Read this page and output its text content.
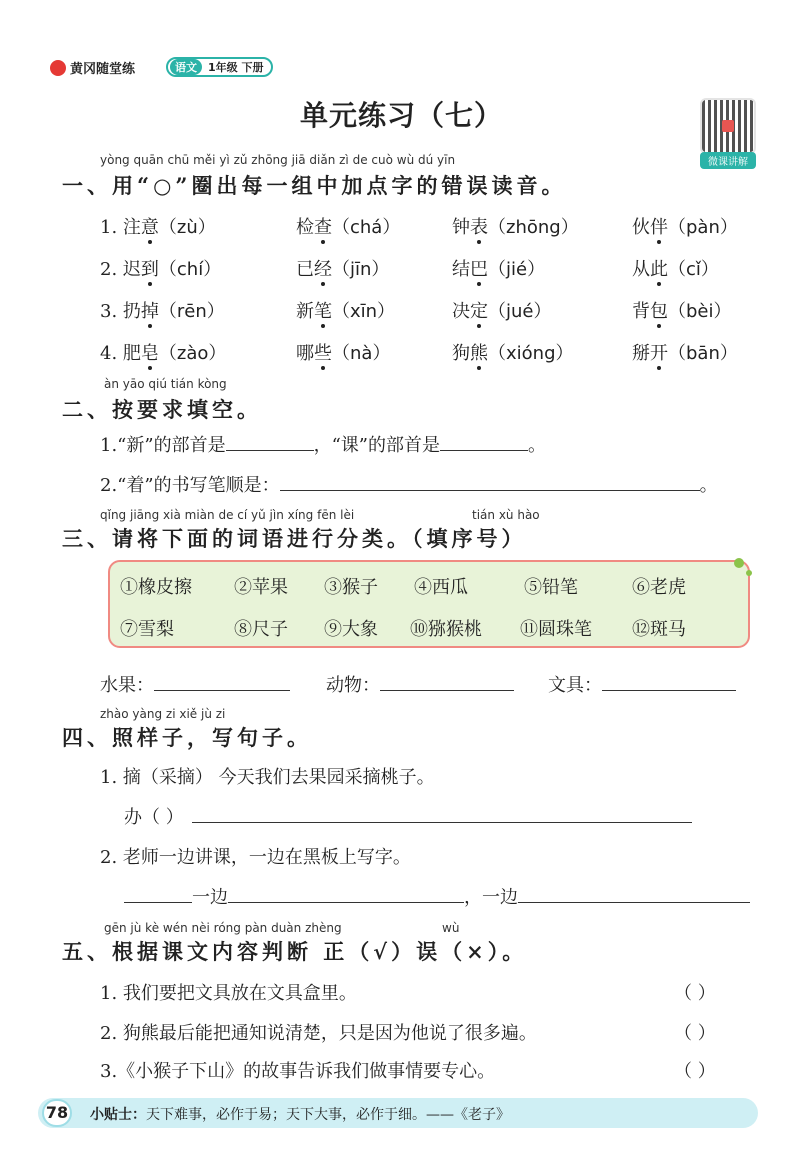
黄冈随堂练	语文	1年级 下册
单元练习（七）
微课讲解
yòng quān chū měi yì zǔ zhōng jiā diǎn zì de cuò wù dú yīn
一、用“○”圈出每一组中加点字的错误读音。
1. 注意（zù）	检查（chá）	钟表（zhōng）	伙伴（pàn）
2. 迟到（chí）	已经（jīn）	结巴（jié）	从此（cǐ）
3. 扔掉（rēn）	新笔（xīn）	决定（jué）	背包（bèi）
4. 肥皂（zào）	哪些（nà）	狗熊（xióng）	掰开（bān）
àn yāo qiú tián kòng
二、按要求填空。
1.“新”的部首是	，“课”的部首是	。
2.“着”的书写笔顺是：	。
qǐng jiāng xià miàn de cí yǔ jìn xíng fēn lèi	tián xù hào
三、请将下面的词语进行分类。（填序号）
①橡皮擦 ②苹果 ③猴子 ④西瓜	⑤铅笔	⑥老虎
⑦雪梨	⑧尺子 ⑨大象 ⑩猕猴桃 ⑪圆珠笔 ⑫斑马
水果：	动物：	文具：
zhào yàng zi xiě jù zi
四、照样子，写句子。
1. 摘（采摘） 今天我们去果园采摘桃子。
办（ ）
2. 老师一边讲课，一边在黑板上写字。
一边	，一边
gēn jù kè wén nèi róng pàn duàn zhèng	wù
五、根据课文内容判断 正（√）误（×）。
1. 我们要把文具放在文具盒里。	（ ）
2. 狗熊最后能把通知说清楚，只是因为他说了很多遍。	（ ）
3.《小猴子下山》的故事告诉我们做事情要专心。	（ ）
78 小贴士：天下难事，必作于易；天下大事，必作于细。——《老子》
